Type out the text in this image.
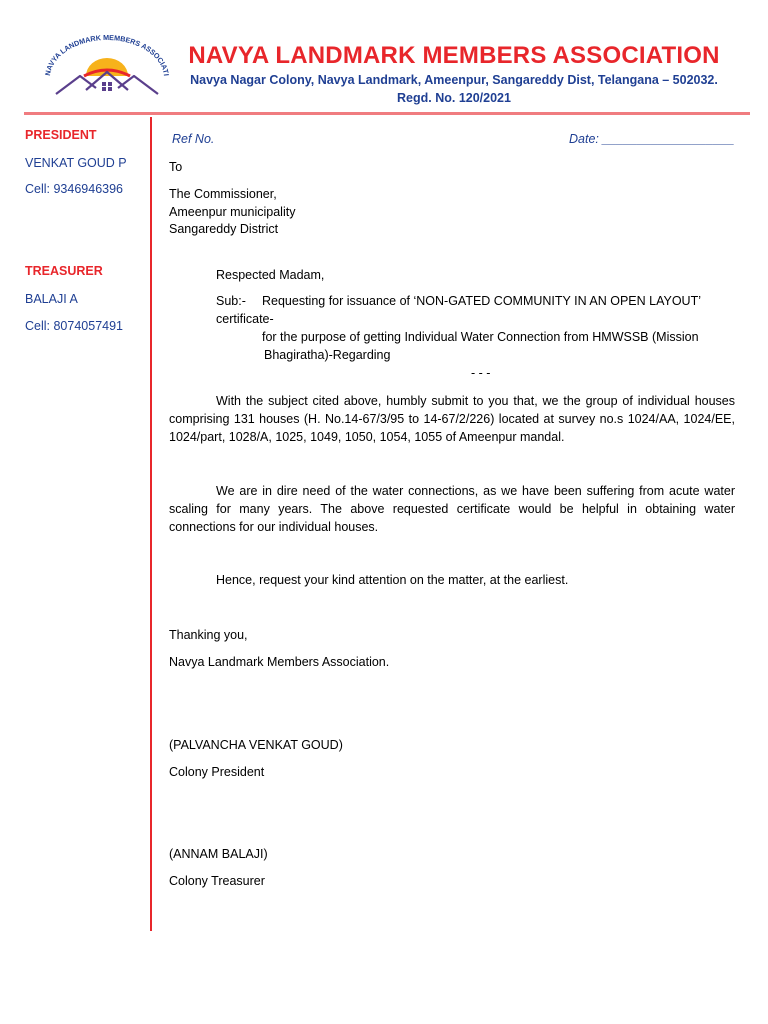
NAVYA LANDMARK MEMBERS ASSOCIATI
NAVYA LANDMARK MEMBERS ASSOCIATION
Navya Nagar Colony, Navya Landmark, Ameenpur, Sangareddy Dist, Telangana – 502032.
Regd. No. 120/2021
PRESIDENT
VENKAT GOUD P
Cell: 9346946396
TREASURER
BALAJI A
Cell: 8074057491
Ref No.	Date: ___________________
To
The Commissioner,
Ameenpur municipality
Sangareddy District
Respected Madam,
Sub:- Requesting for issuance of ‘NON-GATED COMMUNITY IN AN OPEN LAYOUT’
certificate-
for the purpose of getting Individual Water Connection from HMWSSB (Mission
Bhagiratha)-Regarding
- - -
With the subject cited above, humbly submit to you that, we the group of individual houses comprising 131 houses (H. No.14-67/3/95 to 14-67/2/226) located at survey no.s 1024/AA, 1024/EE, 1024/part, 1028/A, 1025, 1049, 1050, 1054, 1055 of Ameenpur mandal.
We are in dire need of the water connections, as we have been suffering from acute water scaling for many years. The above requested certificate would be helpful in obtaining water connections for our individual houses.
Hence, request your kind attention on the matter, at the earliest.
Thanking you,
Navya Landmark Members Association.
(PALVANCHA VENKAT GOUD)
Colony President
(ANNAM BALAJI)
Colony Treasurer
